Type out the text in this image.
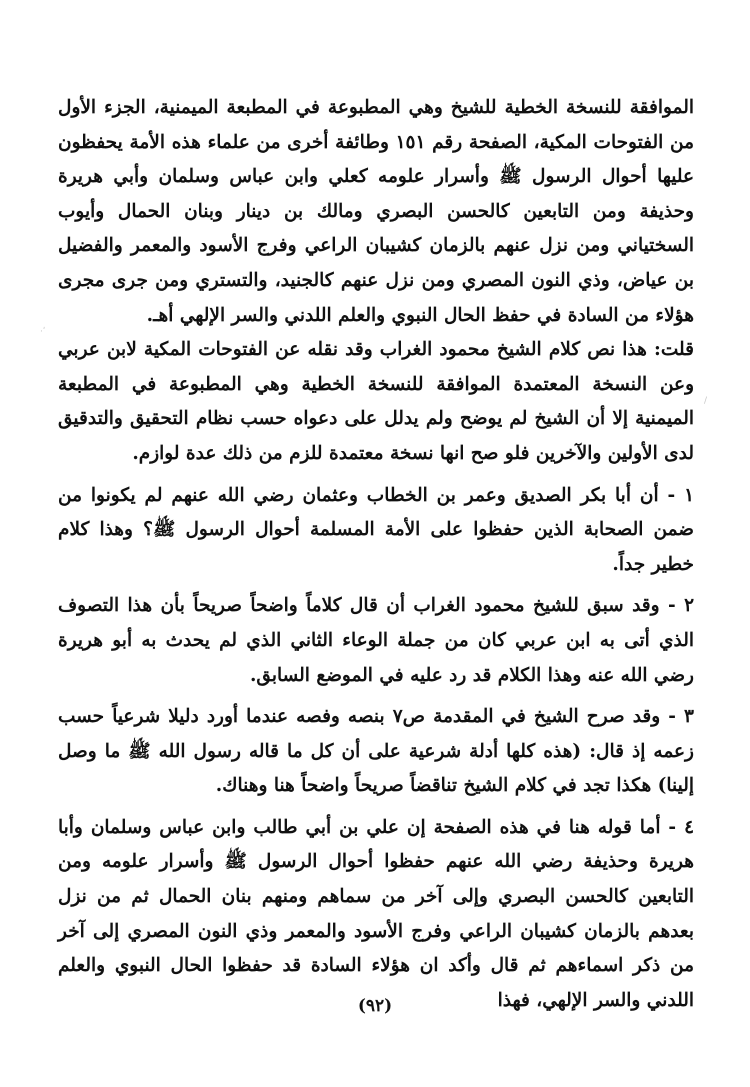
·ʹ
/

الموافقة للنسخة الخطية للشيخ وهي المطبوعة في المطبعة الميمنية، الجزء الأول من الفتوحات المكية، الصفحة رقم ١٥١ وطائفة أخرى من علماء هذه الأمة يحفظون عليها أحوال الرسول ﷺ وأسرار علومه كعلي وابن عباس وسلمان وأبي هريرة وحذيفة ومن التابعين كالحسن البصري ومالك بن دينار وبنان الحمال وأيوب السختياني ومن نزل عنهم بالزمان كشيبان الراعي وفرج الأسود والمعمر والفضيل بن عياض، وذي النون المصري ومن نزل عنهم كالجنيد، والتستري ومن جرى مجرى هؤلاء من السادة في حفظ الحال النبوي والعلم اللدني والسر الإلهي أهـ.

قلت: هذا نص كلام الشيخ محمود الغراب وقد نقله عن الفتوحات المكية لابن عربي وعن النسخة المعتمدة الموافقة للنسخة الخطية وهي المطبوعة في المطبعة الميمنية إلا أن الشيخ لم يوضح ولم يدلل على دعواه حسب نظام التحقيق والتدقيق لدى الأولين والآخرين فلو صح انها نسخة معتمدة للزم من ذلك عدة لوازم.

١ - أن أبا بكر الصديق وعمر بن الخطاب وعثمان رضي الله عنهم لم يكونوا من ضمن الصحابة الذين حفظوا على الأمة المسلمة أحوال الرسول ﷺ؟ وهذا كلام خطير جداً.

٢ - وقد سبق للشيخ محمود الغراب أن قال كلاماً واضحاً صريحاً بأن هذا التصوف الذي أتى به ابن عربي كان من جملة الوعاء الثاني الذي لم يحدث به أبو هريرة رضي الله عنه وهذا الكلام قد رد عليه في الموضع السابق.

٣ - وقد صرح الشيخ في المقدمة ص٧ بنصه وفصه عندما أورد دليلا شرعياً حسب زعمه إذ قال: (هذه كلها أدلة شرعية على أن كل ما قاله رسول الله ﷺ ما وصل إلينا) هكذا تجد في كلام الشيخ تناقضاً صريحاً واضحاً هنا وهناك.

٤ - أما قوله هنا في هذه الصفحة إن علي بن أبي طالب وابن عباس وسلمان وأبا هريرة وحذيفة رضي الله عنهم حفظوا أحوال الرسول ﷺ وأسرار علومه ومن التابعين كالحسن البصري وإلى آخر من سماهم ومنهم بنان الحمال ثم من نزل بعدهم بالزمان كشيبان الراعي وفرج الأسود والمعمر وذي النون المصري إلى آخر من ذكر اسماءهم ثم قال وأكد ان هؤلاء السادة قد حفظوا الحال النبوي والعلم اللدني والسر الإلهي، فهذا

(٩٢)
